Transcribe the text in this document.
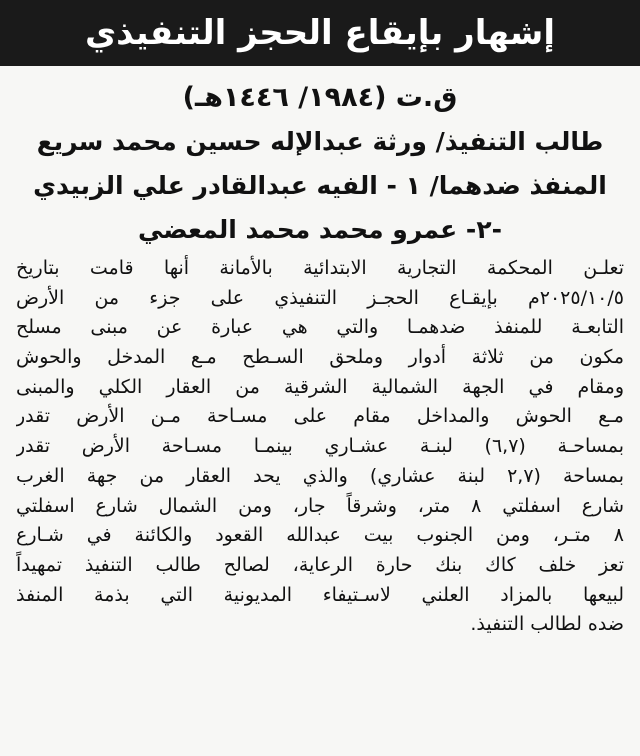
إشهار بإيقاع الحجز التنفيذي
ق.ت (١٩٨٤/ ١٤٤٦هـ)
طالب التنفيذ/ ورثة عبدالإله حسين محمد سريع
المنفذ ضدهما/ ١ - الفيه عبدالقادر علي الزبيدي
-٢- عمرو محمد محمد المعضي
تعلـن المحكمة التجارية الابتدائية بالأمانة أنها قامت بتاريخ
٢٠٢٥/١٠/٥م بإيقـاع الحجـز التنفيذي على جزء من الأرض
التابعـة للمنفذ ضدهمـا والتي هي عبارة عن مبنى مسلح
مكون من ثلاثة أدوار وملحق السـطح مـع المدخل والحوش
ومقام في الجهة الشمالية الشرقية من العقار الكلي والمبنى
مـع الحوش والمداخل مقام على مسـاحة مـن الأرض تقدر
بمساحـة (٦,٧) لبنـة عشـاري بينمـا مسـاحة الأرض تقدر
بمساحة (٢,٧ لبنة عشاري) والذي يحد العقار من جهة الغرب
شارع اسفلتي ٨ متر، وشرقاً جار، ومن الشمال شارع اسفلتي
٨ متـر، ومن الجنوب بيت عبدالله القعود والكائنة في شـارع
تعز خلف كاك بنك حارة الرعاية، لصالح طالب التنفيذ تمهيداً
لبيعها بالمزاد العلني لاسـتيفاء المديونية التي بذمة المنفذ
ضده لطالب التنفيذ.
